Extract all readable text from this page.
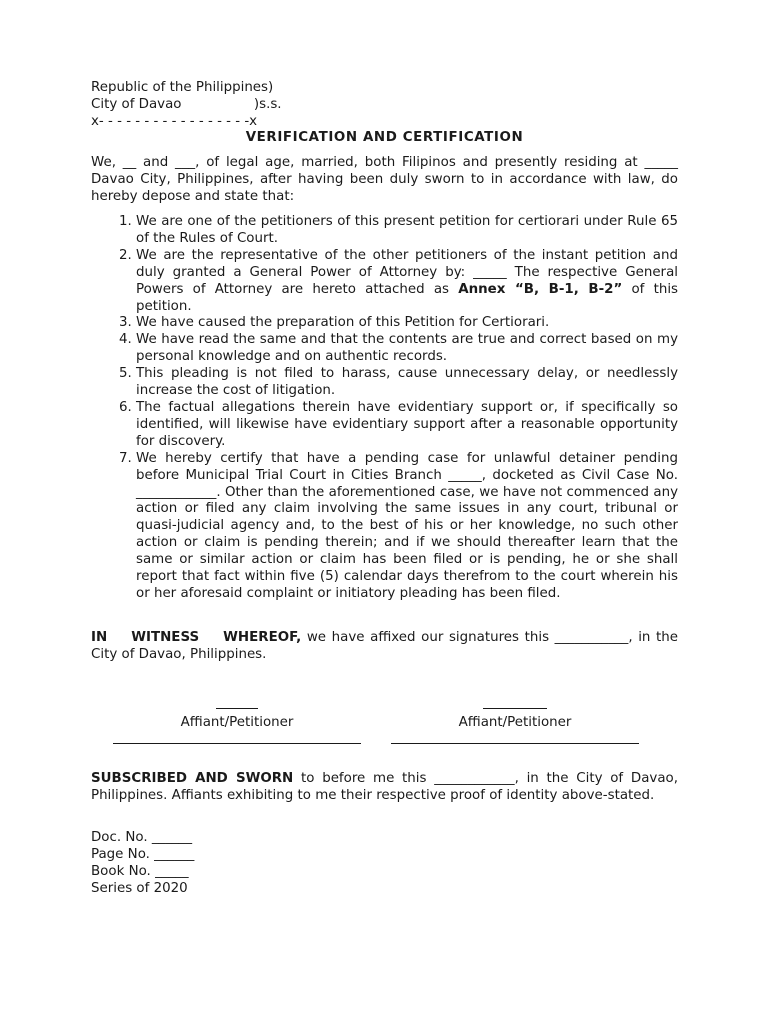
Republic of the Philippines)
City of Davao                 )s.s.
x- - - - - - - - - - - - - - - - -x
VERIFICATION AND CERTIFICATION
We, __ and ___, of legal age, married, both Filipinos and presently residing at _____ Davao City, Philippines, after having been duly sworn to in accordance with law, do hereby depose and state that:
1. We are one of the petitioners of this present petition for certiorari under Rule 65 of the Rules of Court.
2. We are the representative of the other petitioners of the instant petition and duly granted a General Power of Attorney by: _____ The respective General Powers of Attorney are hereto attached as Annex “B, B-1, B-2” of this petition.
3. We have caused the preparation of this Petition for Certiorari.
4. We have read the same and that the contents are true and correct based on my personal knowledge and on authentic records.
5. This pleading is not filed to harass, cause unnecessary delay, or needlessly increase the cost of litigation.
6. The factual allegations therein have evidentiary support or, if specifically so identified, will likewise have evidentiary support after a reasonable opportunity for discovery.
7. We hereby certify that have a pending case for unlawful detainer pending before Municipal Trial Court in Cities Branch _____, docketed as Civil Case No. ____________. Other than the aforementioned case, we have not commenced any action or filed any claim involving the same issues in any court, tribunal or quasi-judicial agency and, to the best of his or her knowledge, no such other action or claim is pending therein; and if we should thereafter learn that the same or similar action or claim has been filed or is pending, he or she shall report that fact within five (5) calendar days therefrom to the court wherein his or her aforesaid complaint or initiatory pleading has been filed.
IN WITNESS WHEREOF, we have affixed our signatures this ___________, in the City of Davao, Philippines.

Affiant/Petitioner	Affiant/Petitioner
SUBSCRIBED AND SWORN to before me this ____________, in the City of Davao, Philippines. Affiants exhibiting to me their respective proof of identity above-stated.
Doc. No. ______
Page No. ______
Book No. _____
Series of 2020
